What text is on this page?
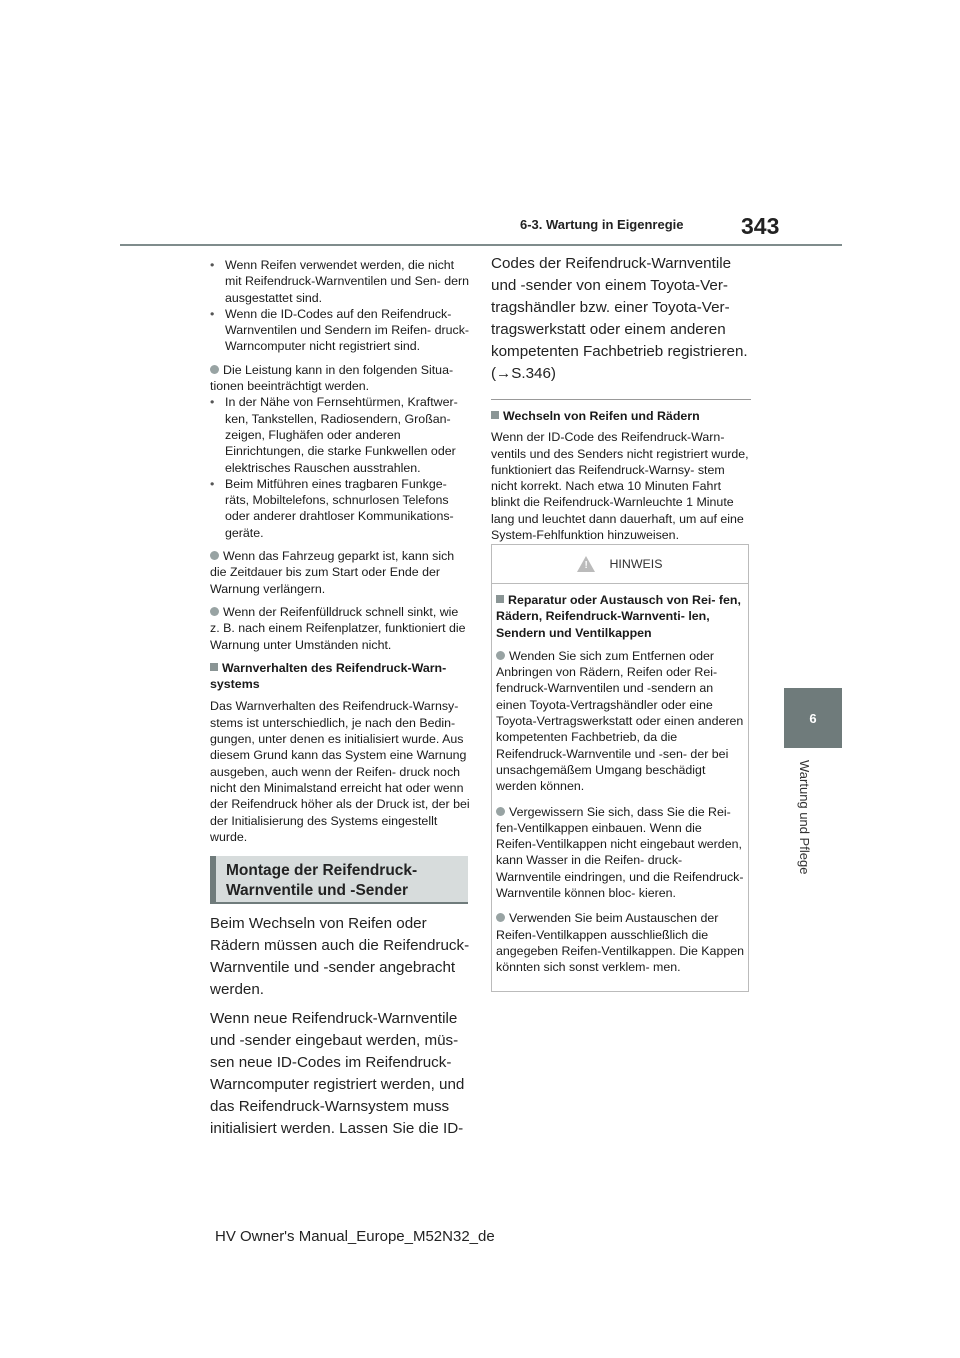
6-3. Wartung in Eigenregie	343
6
Wartung und Pflege
• Wenn Reifen verwendet werden, die nicht mit Reifendruck-Warnventilen und Sen- dern ausgestattet sind.
• Wenn die ID-Codes auf den Reifendruck- Warnventilen und Sendern im Reifen- druck-Warncomputer nicht registriert sind.
Die Leistung kann in den folgenden Situa- tionen beeinträchtigt werden.
• In der Nähe von Fernsehtürmen, Kraftwer- ken, Tankstellen, Radiosendern, Großan- zeigen, Flughäfen oder anderen Einrichtungen, die starke Funkwellen oder elektrisches Rauschen ausstrahlen.
• Beim Mitführen eines tragbaren Funkge- räts, Mobiltelefons, schnurlosen Telefons oder anderer drahtloser Kommunikations- geräte.
Wenn das Fahrzeug geparkt ist, kann sich die Zeitdauer bis zum Start oder Ende der Warnung verlängern.
Wenn der Reifenfülldruck schnell sinkt, wie z. B. nach einem Reifenplatzer, funktioniert die Warnung unter Umständen nicht.
Warnverhalten des Reifendruck-Warn- systems
Das Warnverhalten des Reifendruck-Warnsy- stems ist unterschiedlich, je nach den Bedin- gungen, unter denen es initialisiert wurde. Aus diesem Grund kann das System eine Warnung ausgeben, auch wenn der Reifen- druck noch nicht den Minimalstand erreicht hat oder wenn der Reifendruck höher als der Druck ist, der bei der Initialisierung des Systems eingestellt wurde.
Montage der Reifendruck- Warnventile und -Sender
Beim Wechseln von Reifen oder Rädern müssen auch die Reifendruck- Warnventile und -sender angebracht werden.
Wenn neue Reifendruck-Warnventile und -sender eingebaut werden, müs- sen neue ID-Codes im Reifendruck- Warncomputer registriert werden, und das Reifendruck-Warnsystem muss initialisiert werden. Lassen Sie die ID-
Codes der Reifendruck-Warnventile und -sender von einem Toyota-Ver- tragshändler bzw. einer Toyota-Ver- tragswerkstatt oder einem anderen kompetenten Fachbetrieb registrieren. (→S.346)
Wechseln von Reifen und Rädern
Wenn der ID-Code des Reifendruck-Warn- ventils und des Senders nicht registriert wurde, funktioniert das Reifendruck-Warnsy- stem nicht korrekt. Nach etwa 10 Minuten Fahrt blinkt die Reifendruck-Warnleuchte 1 Minute lang und leuchtet dann dauerhaft, um auf eine System-Fehlfunktion hinzuweisen.
!
HINWEIS
Reparatur oder Austausch von Rei- fen, Rädern, Reifendruck-Warnventi- len, Sendern und Ventilkappen
Wenden Sie sich zum Entfernen oder Anbringen von Rädern, Reifen oder Rei- fendruck-Warnventilen und -sendern an einen Toyota-Vertragshändler oder eine Toyota-Vertragswerkstatt oder einen anderen kompetenten Fachbetrieb, da die Reifendruck-Warnventile und -sen- der bei unsachgemäßem Umgang beschädigt werden können.
Vergewissern Sie sich, dass Sie die Rei- fen-Ventilkappen einbauen. Wenn die Reifen-Ventilkappen nicht eingebaut werden, kann Wasser in die Reifen- druck-Warnventile eindringen, und die Reifendruck-Warnventile können bloc- kieren.
Verwenden Sie beim Austauschen der Reifen-Ventilkappen ausschließlich die angegeben Reifen-Ventilkappen. Die Kappen könnten sich sonst verklem- men.
HV Owner's Manual_Europe_M52N32_de
